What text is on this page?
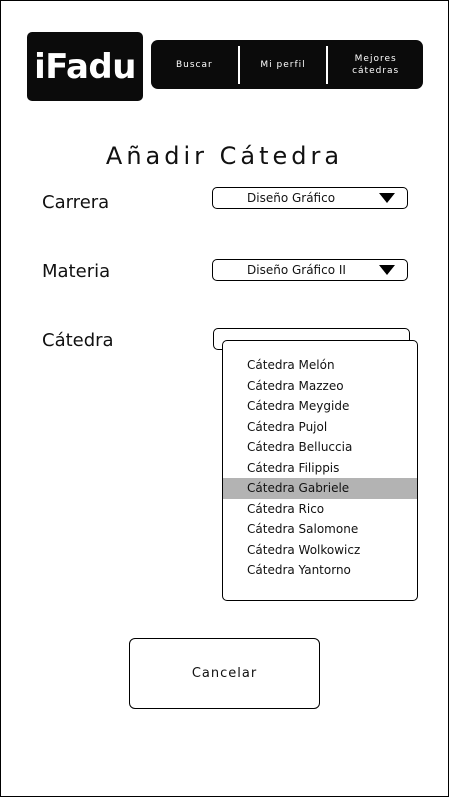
iFadu	Buscar	Mi perfil
Mejores cátedras
Añadir Cátedra
Carrera	Diseño Gráfico
Materia	Diseño Gráfico II
Cátedra
Cátedra Melón
Cátedra Mazzeo
Cátedra Meygide
Cátedra Pujol
Cátedra Belluccia
Cátedra Filippis
Cátedra Gabriele
Cátedra Rico
Cátedra Salomone
Cátedra Wolkowicz
Cátedra Yantorno
Cancelar
